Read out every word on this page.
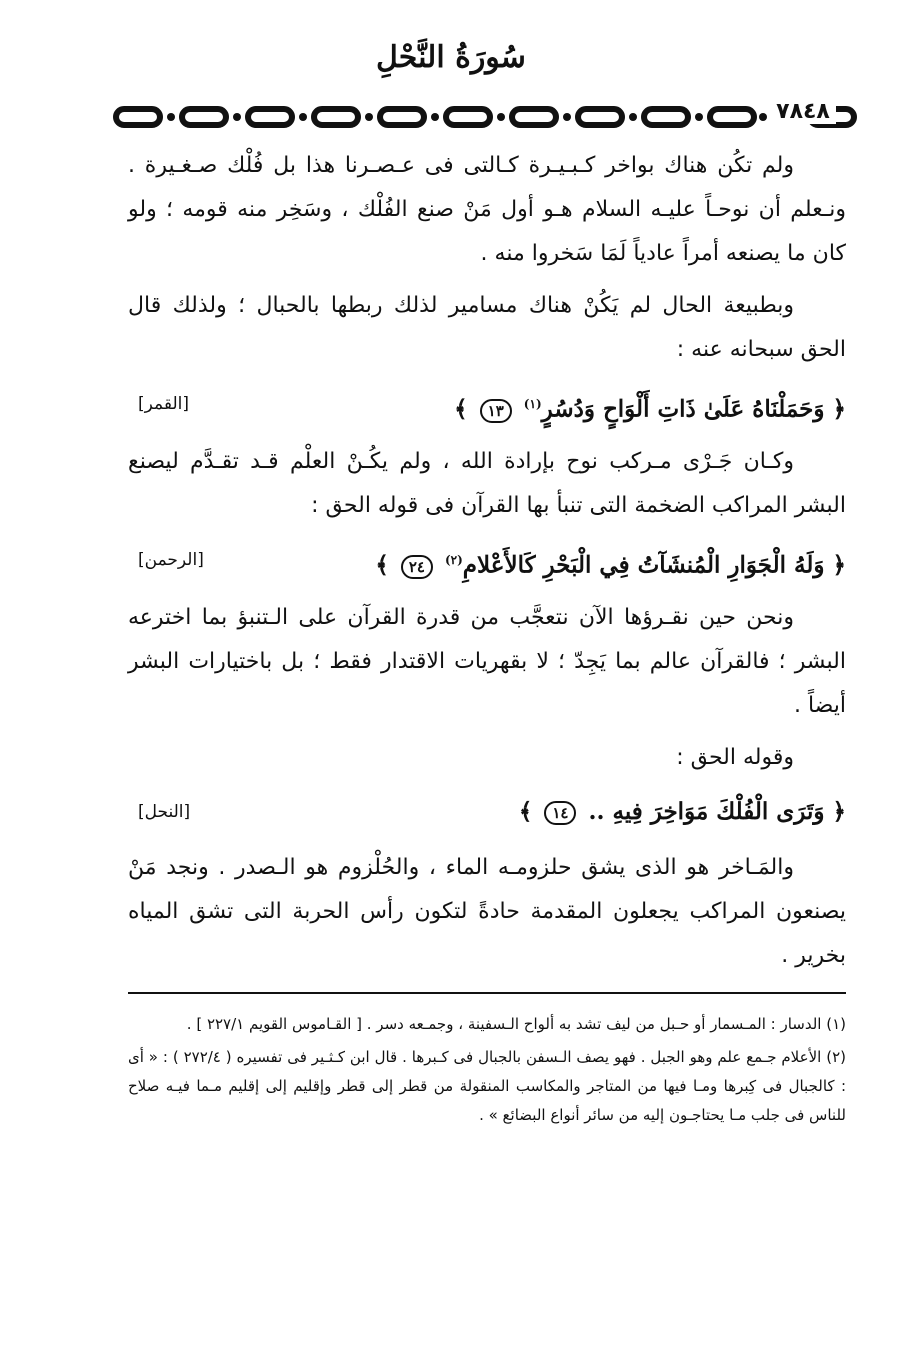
سُورَةُ النَّحْلِ
٧٨٤٨

ولم تكُن هناك بواخر كـبـيـرة كـالتى فى عـصـرنا هذا بل فُلْك صـغـيرة . ونـعلم أن نوحـاً عليـه السلام هـو أول مَنْ صنع الفُلْك ، وسَخِر منه قومه ؛ ولو كان ما يصنعه أمراً عادياً لَمَا سَخروا منه .

وبطبيعة الحال لم يَكُنْ هناك مسامير لذلك ربطها بالحبال ؛ ولذلك قال الحق سبحانه عنه :

﴿ وَحَمَلْنَاهُ عَلَىٰ ذَاتِ أَلْوَاحٍ وَدُسُرٍ$^{(١)}$ ١٣ ﴾
[القمر]

وكـان جَـرْى مـركب نوح بإرادة الله ، ولم يكُـنْ العلْم قـد تقـدَّم ليصنع البشر المراكب الضخمة التى تنبأ بها القرآن فى قوله الحق :

﴿ وَلَهُ الْجَوَارِ الْمُنشَآتُ فِي الْبَحْرِ كَالأَعْلامِ$^{(٢)}$ ٢٤ ﴾
[الرحمن]

ونحن حين نقـرؤها الآن نتعجَّب من قدرة القرآن على الـتنبؤ بما اخترعه البشر ؛ فالقرآن عالم بما يَجِدّ ؛ لا بقهريات الاقتدار فقط ؛ بل باختيارات البشر أيضاً .

وقوله الحق :

﴿ وَتَرَى الْفُلْكَ مَوَاخِرَ فِيهِ .. ١٤ ﴾
[النحل]

والمَـاخر هو الذى يشق حلزومـه الماء ، والحُلْزوم هو الـصدر . ونجد مَنْ يصنعون المراكب يجعلون المقدمة حادةً لتكون رأس الحربة التى تشق المياه بخرير .

(١) الدسار : المـسمار أو حـبل من ليف تشد به ألواح الـسفينة ، وجمـعه دسر . [ القـاموس القويم ٢٢٧/١ ] .

(٢) الأعلام جـمع علم وهو الجبل . فهو يصف الـسفن بالجبال فى كـبرها . قال ابن كـثـير فى تفسيره ( ٢٧٢/٤ ) : « أى : كالجبال فى كِبرها ومـا فيها من المتاجر والمكاسب المنقولة من قطر إلى قطر وإقليم إلى إقليم مـما فيـه صلاح للناس فى جلب مـا يحتاجـون إليه من سائر أنواع البضائع » .
